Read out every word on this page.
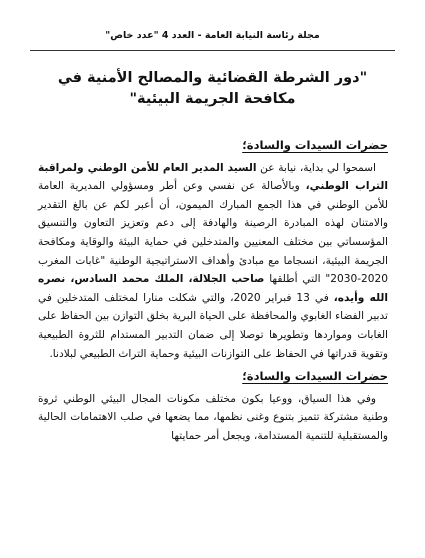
مجلة رئاسة النيابة العامة - العدد 4 "عدد خاص"
"دور الشرطة القضائية والمصالح الأمنية في
مكافحة الجريمة البيئية"

حضرات السيدات والسادة؛

اسمحوا لي بداية، نيابة عن السيد المدير العام للأمن الوطني ولمراقبة التراب الوطني، وبالأصالة عن نفسي وعن أطر ومسؤولي المديرية العامة للأمن الوطني في هذا الجمع المبارك الميمون، أن أعبر لكم عن بالغ التقدير والامتنان لهذه المبادرة الرصينة والهادفة إلى دعم وتعزيز التعاون والتنسيق المؤسساتي بين مختلف المعنيين والمتدخلين في حماية البيئة والوقاية ومكافحة الجريمة البيئية، انسجاما مع مبادئ وأهداف الاستراتيجية الوطنية "غابات المغرب 2020-2030" التي أطلقها صاحب الجلالة، الملك محمد السادس، نصره الله وأيده، في 13 فبراير 2020، والتي شكلت منارا لمختلف المتدخلين في تدبير الفضاء الغابوي والمحافظة على الحياة البرية بخلق التوازن بين الحفاظ على الغابات ومواردها وتطويرها توصلا إلى ضمان التدبير المستدام للثروة الطبيعية وتقوية قدراتها في الحفاظ على التوازنات البيئية وحماية التراث الطبيعي لبلادنا.

حضرات السيدات والسادة؛

وفي هذا السياق، ووعيا بكون مختلف مكونات المجال البيئي الوطني ثروة وطنية مشتركة تتميز بتنوع وغنى نظمها، مما يضعها في صلب الاهتمامات الحالية والمستقبلية للتنمية المستدامة، ويجعل أمر حمايتها
